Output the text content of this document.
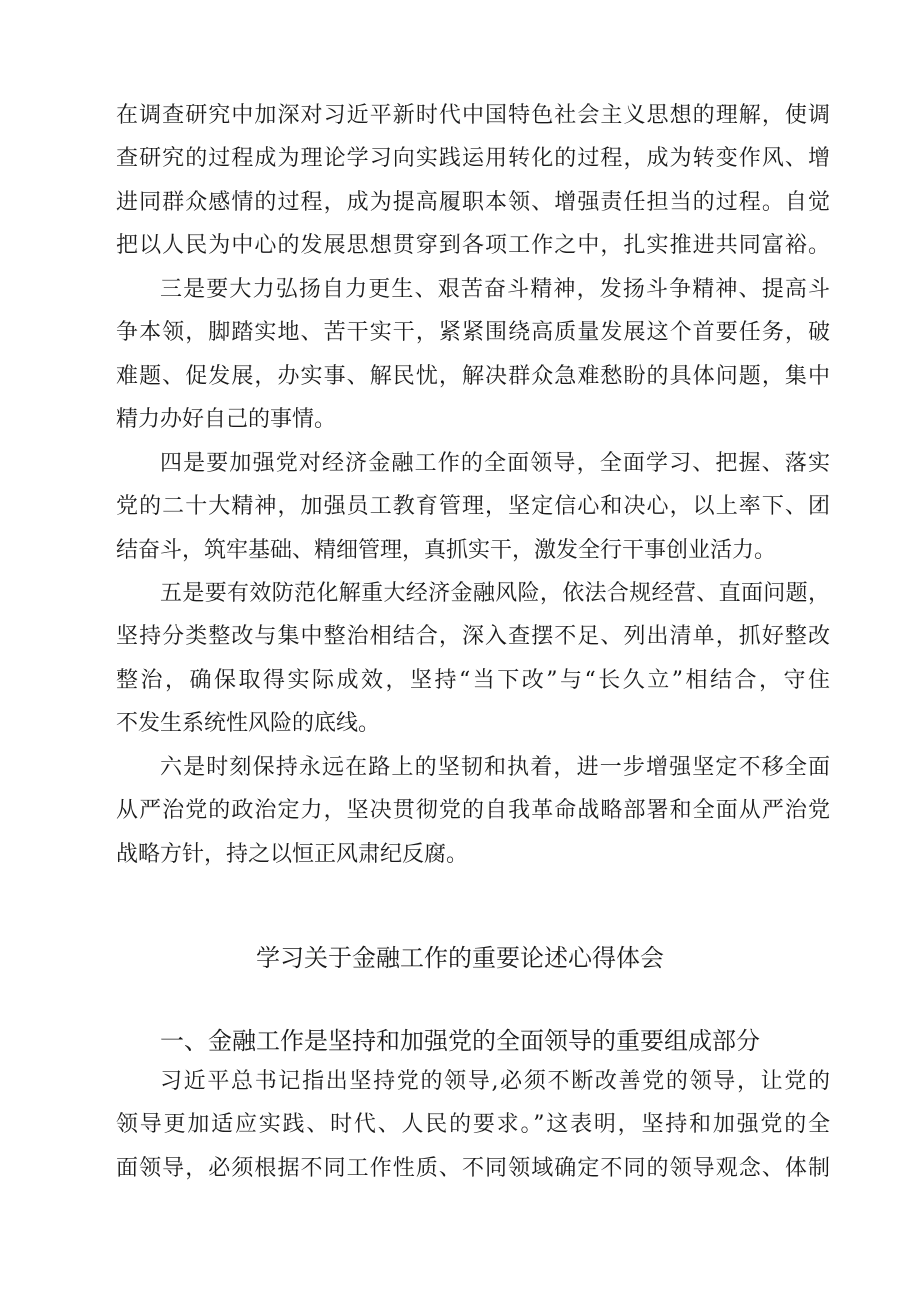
在调查研究中加深对习近平新时代中国特色社会主义思想的理解，使调
查研究的过程成为理论学习向实践运用转化的过程，成为转变作风、增
进同群众感情的过程，成为提高履职本领、增强责任担当的过程。自觉
把以人民为中心的发展思想贯穿到各项工作之中，扎实推进共同富裕。
三是要大力弘扬自力更生、艰苦奋斗精神，发扬斗争精神、提高斗
争本领，脚踏实地、苦干实干，紧紧围绕高质量发展这个首要任务，破
难题、促发展，办实事、解民忧，解决群众急难愁盼的具体问题，集中
精力办好自己的事情。
四是要加强党对经济金融工作的全面领导，全面学习、把握、落实
党的二十大精神，加强员工教育管理，坚定信心和决心，以上率下、团
结奋斗，筑牢基础、精细管理，真抓实干，激发全行干事创业活力。
五是要有效防范化解重大经济金融风险，依法合规经营、直面问题，
坚持分类整改与集中整治相结合，深入查摆不足、列出清单，抓好整改
整治，确保取得实际成效，坚持“当下改”与“长久立”相结合，守住
不发生系统性风险的底线。
六是时刻保持永远在路上的坚韧和执着，进一步增强坚定不移全面
从严治党的政治定力，坚决贯彻党的自我革命战略部署和全面从严治党
战略方针，持之以恒正风肃纪反腐。
习近平总书记指出坚持党的领导,必须不断改善党的领导，让党的
领导更加适应实践、时代、人民的要求。”这表明，坚持和加强党的全
面领导，必须根据不同工作性质、不同领域确定不同的领导观念、体制
学习关于金融工作的重要论述心得体会
一、金融工作是坚持和加强党的全面领导的重要组成部分
